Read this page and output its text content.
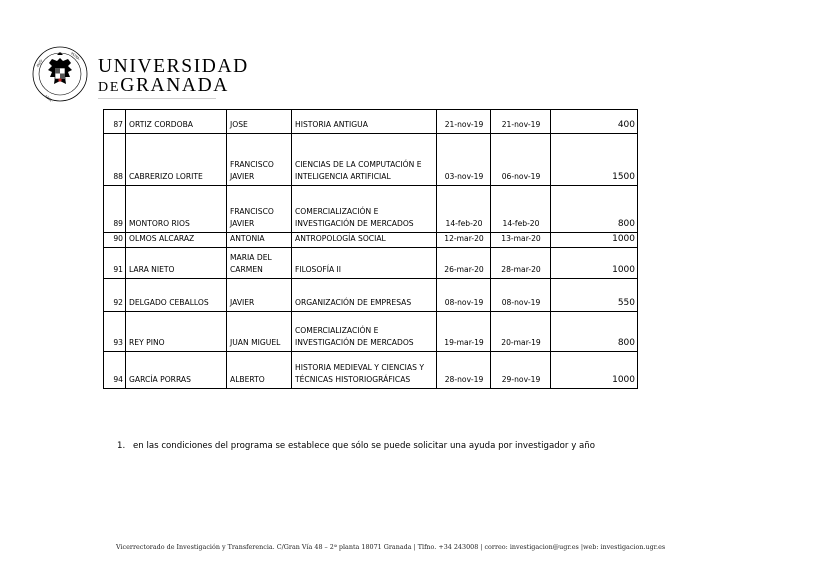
·PLVS·
·VLTRA·
·1531·
UNIVERSIDAD
DEGRANADA
87	ORTIZ CORDOBA	JOSE	HISTORIA ANTIGUA	21-nov-19	21-nov-19	400
88	CABRERIZO LORITE	FRANCISCO JAVIER	CIENCIAS DE LA COMPUTACIÓN E INTELIGENCIA ARTIFICIAL	03-nov-19	06-nov-19	1500
89	MONTORO RIOS	FRANCISCO JAVIER	COMERCIALIZACIÓN E INVESTIGACIÓN DE MERCADOS	14-feb-20	14-feb-20	800
90	OLMOS ALCARAZ	ANTONIA	ANTROPOLOGÍA SOCIAL	12-mar-20	13-mar-20	1000
91	LARA NIETO	MARIA DEL CARMEN	FILOSOFÍA II	26-mar-20	28-mar-20	1000
92	DELGADO CEBALLOS	JAVIER	ORGANIZACIÓN DE EMPRESAS	08-nov-19	08-nov-19	550
93	REY PINO	JUAN MIGUEL	COMERCIALIZACIÓN E INVESTIGACIÓN DE MERCADOS	19-mar-19	20-mar-19	800
94	GARCÍA PORRAS	ALBERTO	HISTORIA MEDIEVAL Y CIENCIAS Y TÉCNICAS HISTORIOGRÁFICAS	28-nov-19	29-nov-19	1000
1. en las condiciones del programa se establece que sólo se puede solicitar una ayuda por investigador y año
Vicerrectorado de Investigación y Transferencia. C/Gran Vía 48 – 2ª planta 18071 Granada | Tlfno. +34 243008 | correo: investigacion@ugr.es |web: investigacion.ugr.es
